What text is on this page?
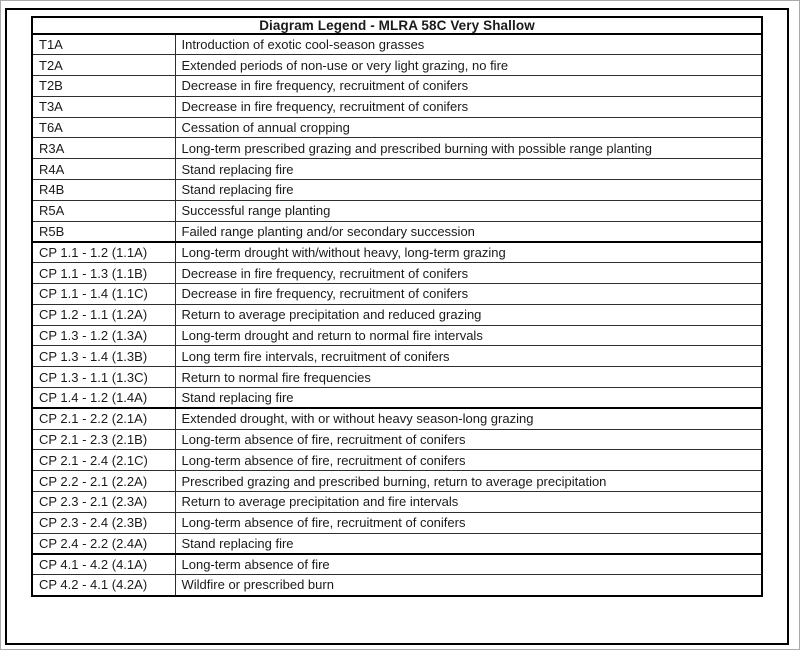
Diagram Legend - MLRA 58C Very Shallow	
T1A	Introduction of exotic cool-season grasses
T2A	Extended periods of non-use or very light grazing, no fire
T2B	Decrease in fire frequency, recruitment of conifers
T3A	Decrease in fire frequency, recruitment of conifers
T6A	Cessation of annual cropping
R3A	Long-term prescribed grazing and prescribed burning with possible range planting
R4A	Stand replacing fire
R4B	Stand replacing fire
R5A	Successful range planting
R5B	Failed range planting and/or secondary succession
CP 1.1 - 1.2 (1.1A)	Long-term drought with/without heavy, long-term grazing
CP 1.1 - 1.3 (1.1B)	Decrease in fire frequency, recruitment of conifers
CP 1.1 - 1.4 (1.1C)	Decrease in fire frequency, recruitment of conifers
CP 1.2 - 1.1 (1.2A)	Return to average precipitation and reduced grazing
CP 1.3 - 1.2 (1.3A)	Long-term drought and return to normal fire intervals
CP 1.3 - 1.4 (1.3B)	Long term fire intervals, recruitment of conifers
CP 1.3 - 1.1 (1.3C)	Return to normal fire frequencies
CP 1.4 - 1.2 (1.4A)	Stand replacing fire
CP 2.1 - 2.2 (2.1A)	Extended drought, with or without heavy season-long grazing
CP 2.1 - 2.3 (2.1B)	Long-term absence of fire, recruitment of conifers
CP 2.1 - 2.4 (2.1C)	Long-term absence of fire, recruitment of conifers
CP 2.2 - 2.1 (2.2A)	Prescribed grazing and prescribed burning, return to average precipitation
CP 2.3 - 2.1 (2.3A)	Return to average precipitation and fire intervals
CP 2.3 - 2.4 (2.3B)	Long-term absence of fire, recruitment of conifers
CP 2.4 - 2.2 (2.4A)	Stand replacing fire
CP 4.1 - 4.2 (4.1A)	Long-term absence of fire
CP 4.2 - 4.1 (4.2A)	Wildfire or prescribed burn
